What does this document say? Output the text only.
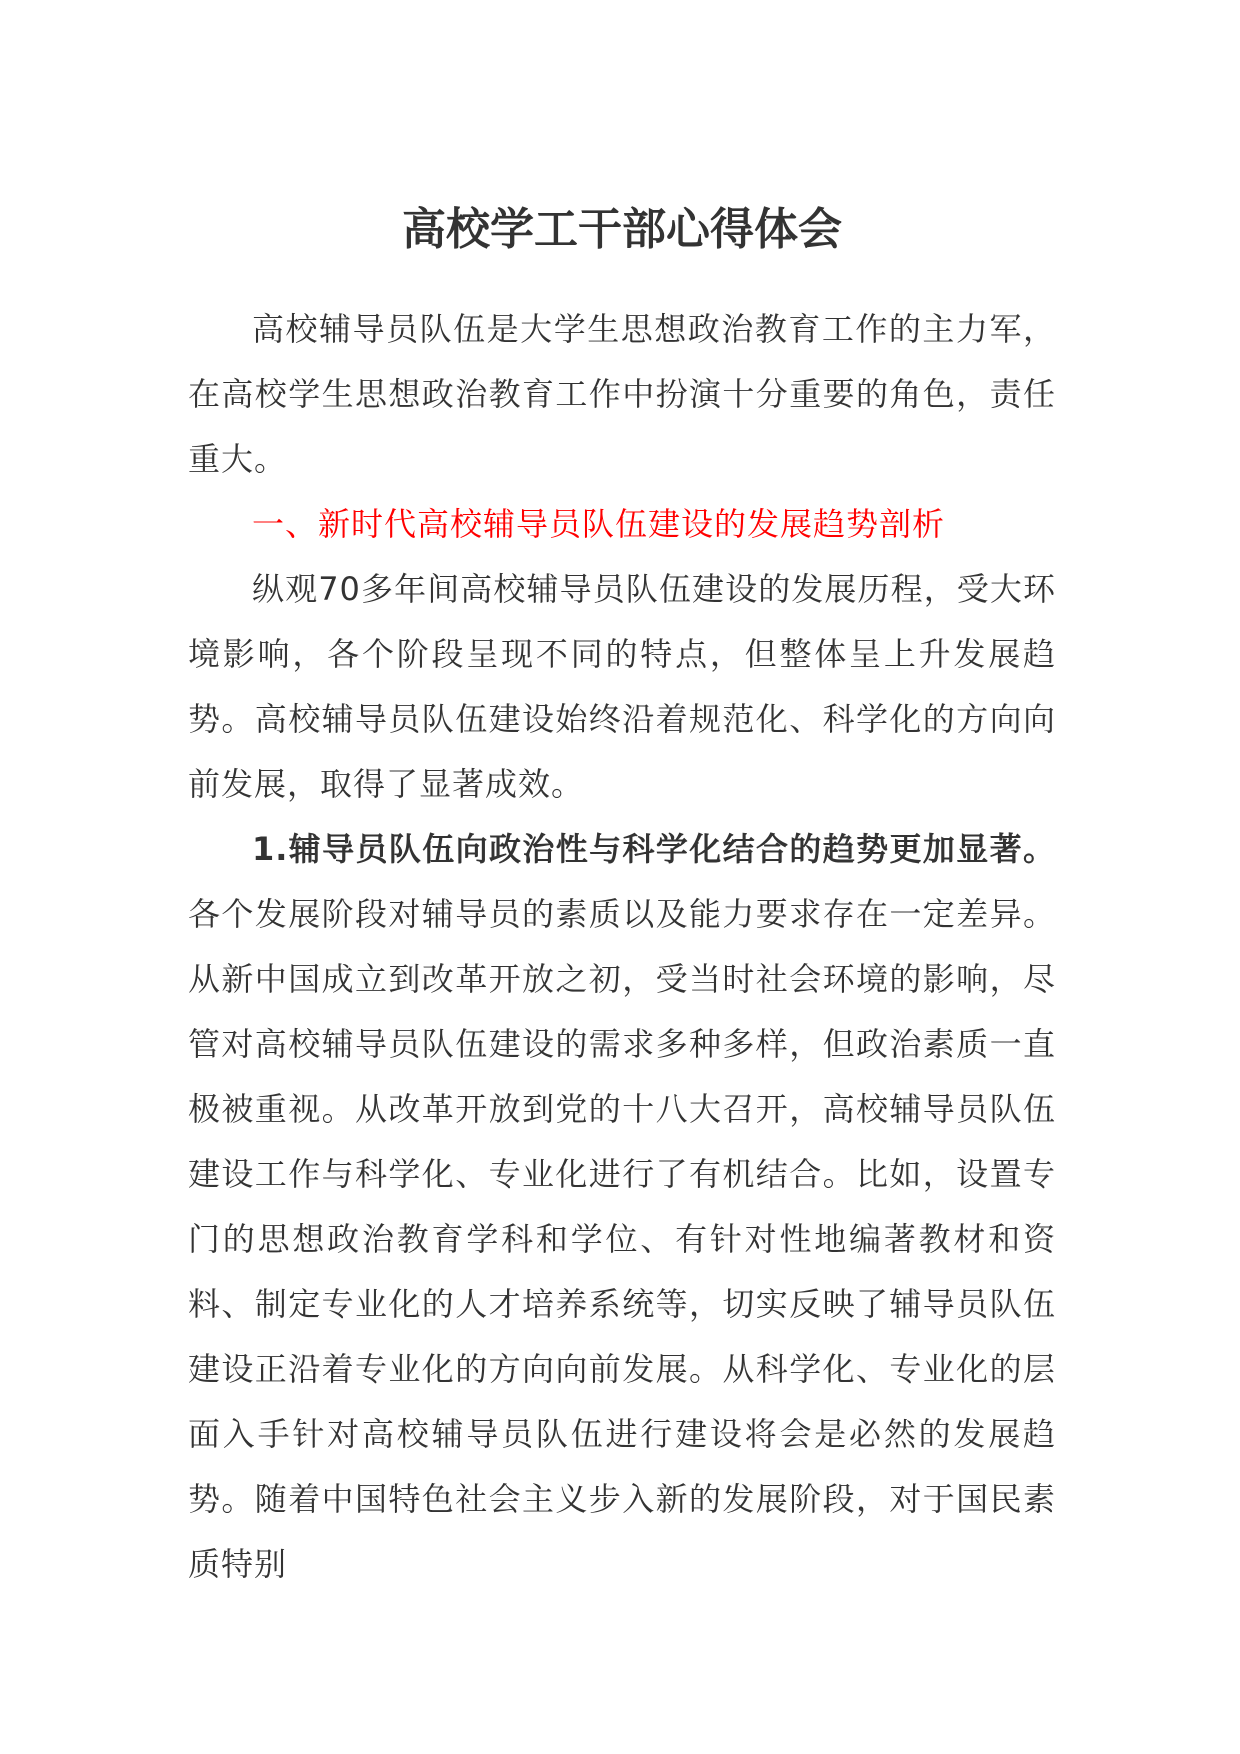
高校学工干部心得体会

高校辅导员队伍是大学生思想政治教育工作的主力军，在高校学生思想政治教育工作中扮演十分重要的角色，责任重大。

一、新时代高校辅导员队伍建设的发展趋势剖析

纵观70多年间高校辅导员队伍建设的发展历程，受大环境影响，各个阶段呈现不同的特点，但整体呈上升发展趋势。高校辅导员队伍建设始终沿着规范化、科学化的方向向前发展，取得了显著成效。

1.辅导员队伍向政治性与科学化结合的趋势更加显著。各个发展阶段对辅导员的素质以及能力要求存在一定差异。从新中国成立到改革开放之初，受当时社会环境的影响，尽管对高校辅导员队伍建设的需求多种多样，但政治素质一直极被重视。从改革开放到党的十八大召开，高校辅导员队伍建设工作与科学化、专业化进行了有机结合。比如，设置专门的思想政治教育学科和学位、有针对性地编著教材和资料、制定专业化的人才培养系统等，切实反映了辅导员队伍建设正沿着专业化的方向向前发展。从科学化、专业化的层面入手针对高校辅导员队伍进行建设将会是必然的发展趋势。随着中国特色社会主义步入新的发展阶段，对于国民素质特别
